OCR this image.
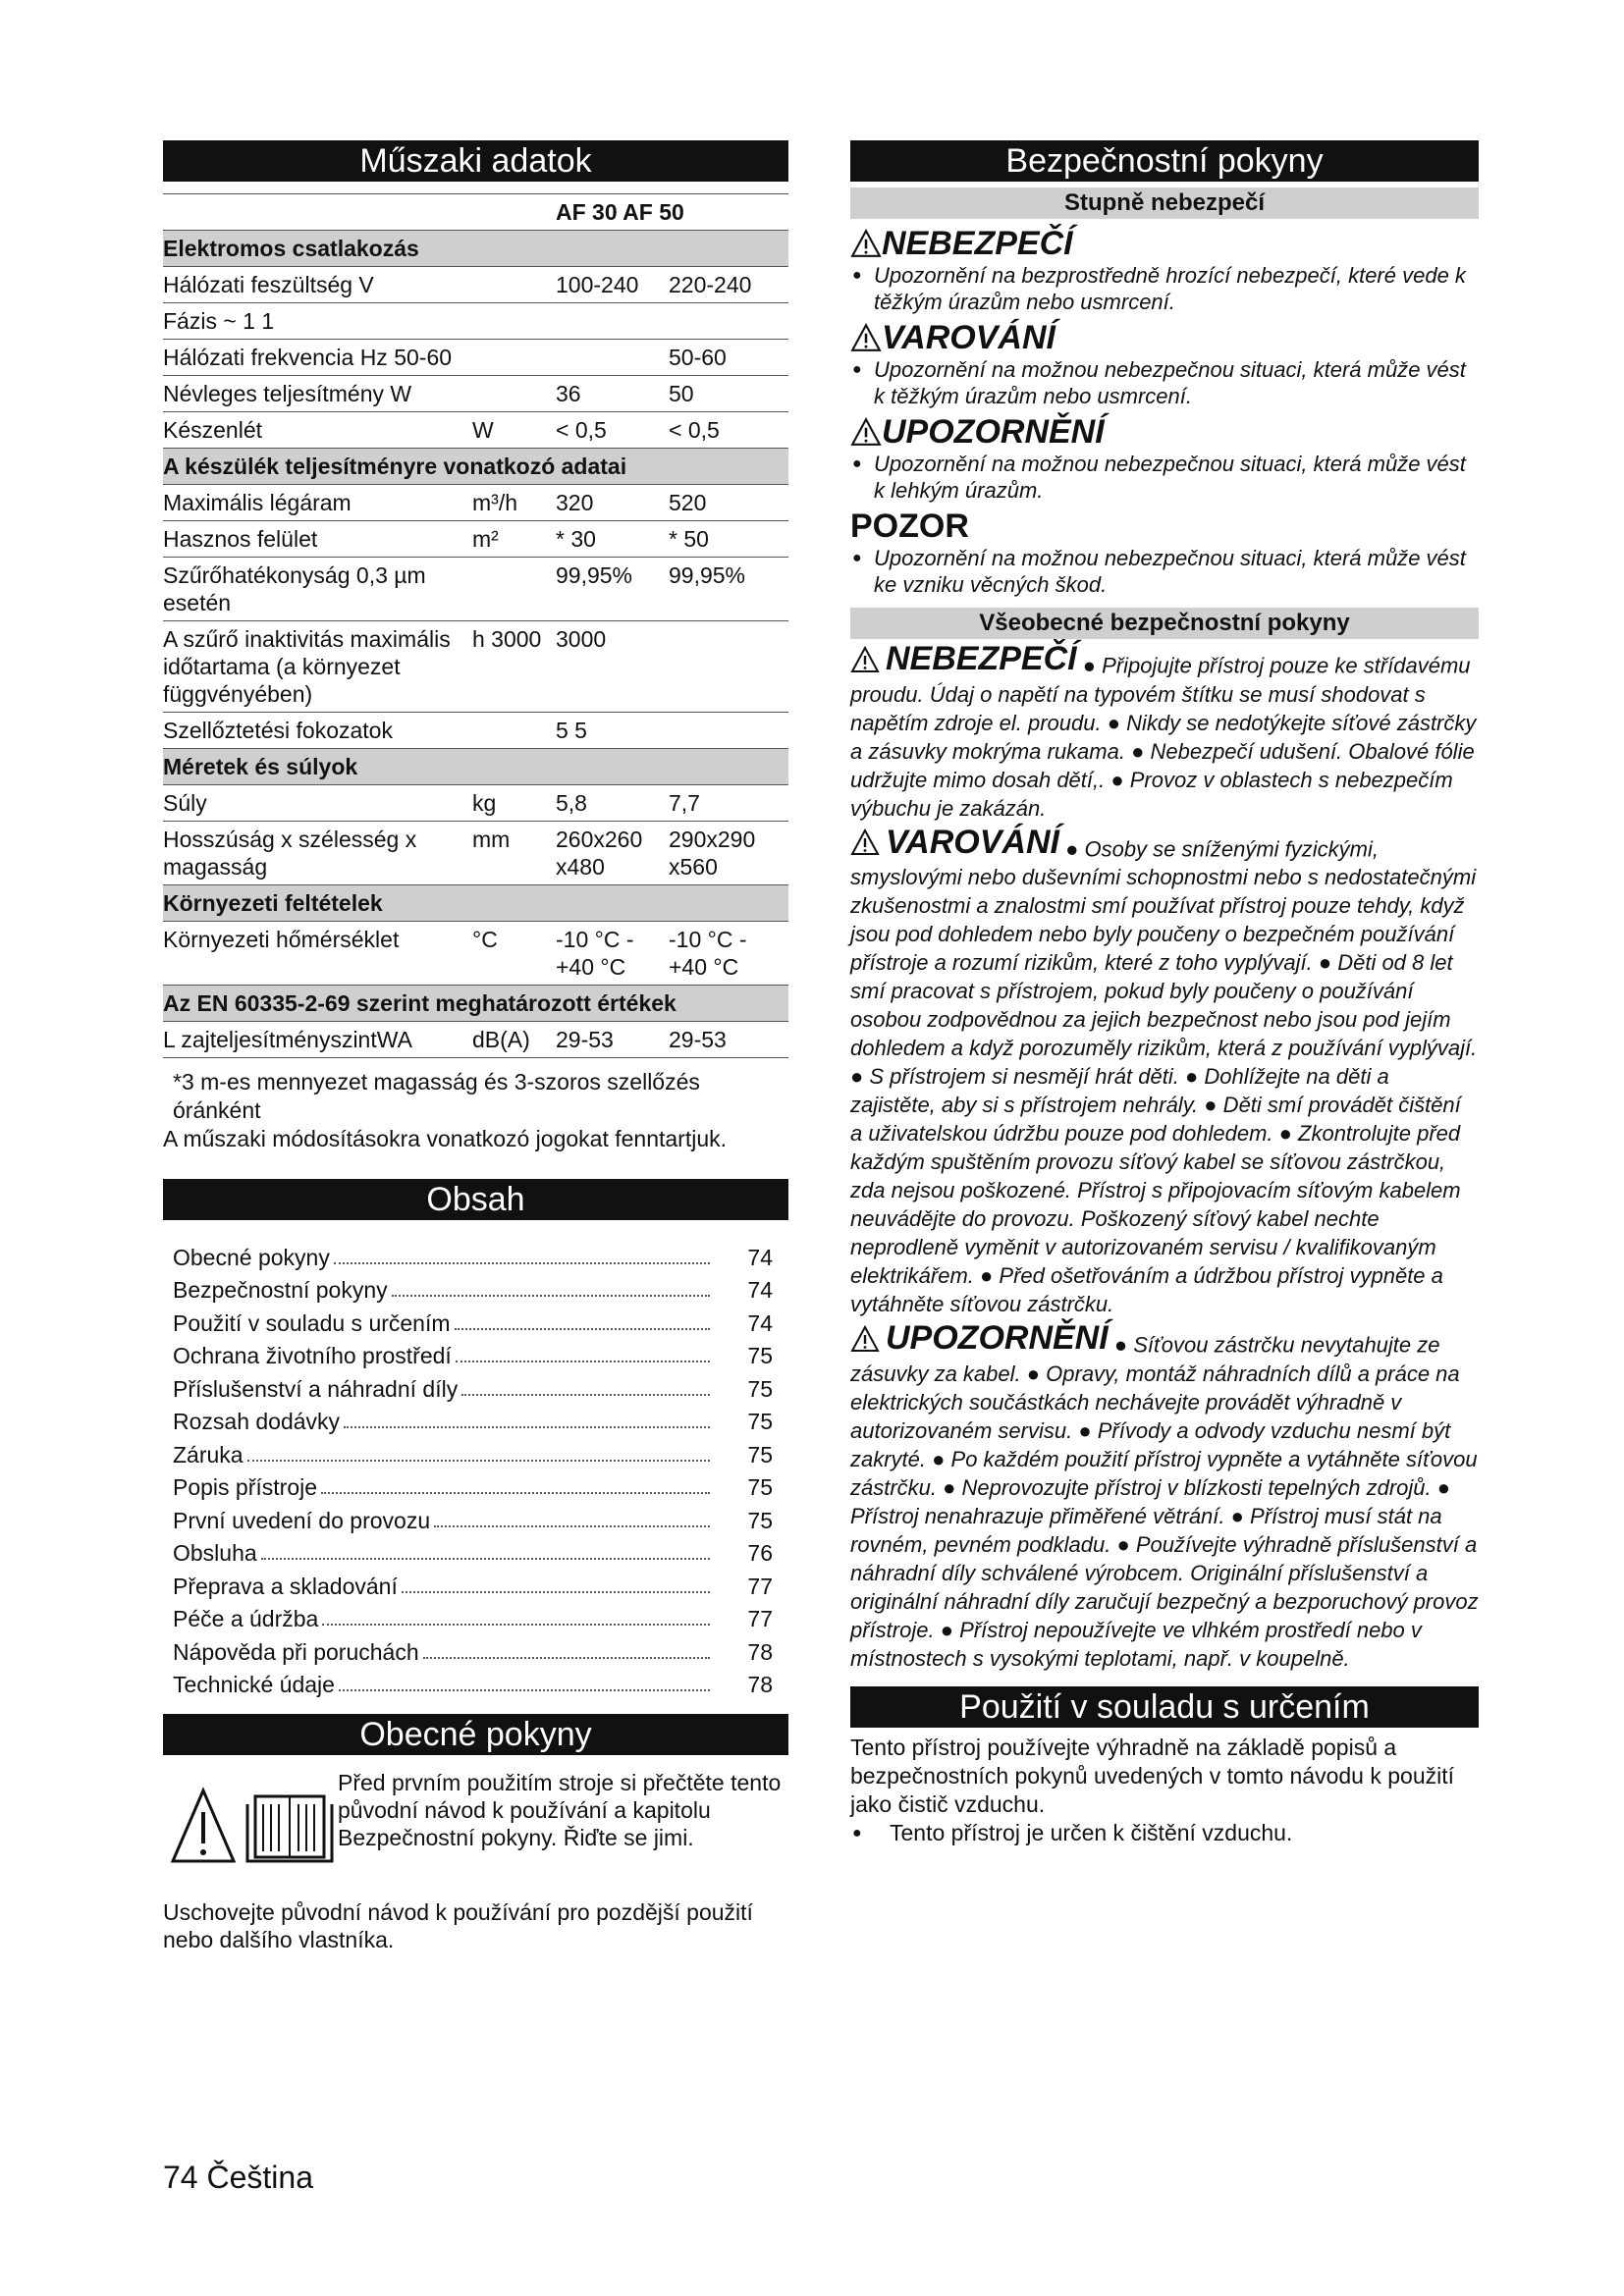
Műszaki adatok
AF 30 AF 50			
Elektromos csatlakozás			
Hálózati feszültség V		100-240	220-240
Fázis ~ 1 1			
Hálózati frekvencia Hz 50-60			50-60
Névleges teljesítmény W		36	50
Készenlét	W	< 0,5	< 0,5
A készülék teljesítményre vonatkozó adatai			
Maximális légáram	m³/h	320	520
Hasznos felület	m²	* 30	* 50
Szűrőhatékonyság 0,3 µm esetén		99,95%	99,95%
A szűrő inaktivitás maximális időtartama (a környezet függvényében)	h 3000	3000	
Szellőztetési fokozatok		5 5	
Méretek és súlyok			
Súly	kg	5,8	7,7
Hosszúság x szélesség x magasság	mm	260x260 x480	290x290 x560
Környezeti feltételek			
Környezeti hőmérséklet	°C	-10 °C - +40 °C	-10 °C - +40 °C
Az EN 60335-2-69 szerint meghatározott értékek			
L zajteljesítményszintWA	dB(A)	29-53	29-53
*3 m-es mennyezet magasság és 3-szoros szellőzés óránként
A műszaki módosításokra vonatkozó jogokat fenntartjuk.
Obsah
Obecné pokyny	74
Bezpečnostní pokyny	74
Použití v souladu s určením	74
Ochrana životního prostředí	75
Příslušenství a náhradní díly	75
Rozsah dodávky	75
Záruka	75
Popis přístroje	75
První uvedení do provozu	75
Obsluha	76
Přeprava a skladování	77
Péče a údržba	77
Nápověda při poruchách	78
Technické údaje	78
Obecné pokyny
Před prvním použitím stroje si přečtěte tento původní návod k používání a kapitolu Bezpečnostní pokyny. Řiďte se jimi.
Uschovejte původní návod k používání pro pozdější použití nebo dalšího vlastníka.
74 Čeština
Bezpečnostní pokyny
Stupně nebezpečí
NEBEZPEČÍ
● Upozornění na bezprostředně hrozící nebezpečí, které vede k těžkým úrazům nebo usmrcení.
VAROVÁNÍ
● Upozornění na možnou nebezpečnou situaci, která může vést k těžkým úrazům nebo usmrcení.
UPOZORNĚNÍ
● Upozornění na možnou nebezpečnou situaci, která může vést k lehkým úrazům.
POZOR
● Upozornění na možnou nebezpečnou situaci, která může vést ke vzniku věcných škod.
Všeobecné bezpečnostní pokyny
NEBEZPEČÍ ● Připojujte přístroj pouze ke střídavému proudu. Údaj o napětí na typovém štítku se musí shodovat s napětím zdroje el. proudu. ● Nikdy se nedotýkejte síťové zástrčky a zásuvky mokrýma rukama. ● Nebezpečí udušení. Obalové fólie udržujte mimo dosah dětí,. ● Provoz v oblastech s nebezpečím výbuchu je zakázán.
VAROVÁNÍ ● Osoby se sníženými fyzickými, smyslovými nebo duševními schopnostmi nebo s nedostatečnými zkušenostmi a znalostmi smí používat přístroj pouze tehdy, když jsou pod dohledem nebo byly poučeny o bezpečném používání přístroje a rozumí rizikům, které z toho vyplývají. ● Děti od 8 let smí pracovat s přístrojem, pokud byly poučeny o používání osobou zodpovědnou za jejich bezpečnost nebo jsou pod jejím dohledem a když porozuměly rizikům, která z používání vyplývají. ● S přístrojem si nesmějí hrát děti. ● Dohlížejte na děti a zajistěte, aby si s přístrojem nehrály. ● Děti smí provádět čištění a uživatelskou údržbu pouze pod dohledem. ● Zkontrolujte před každým spuštěním provozu síťový kabel se síťovou zástrčkou, zda nejsou poškozené. Přístroj s připojovacím síťovým kabelem neuvádějte do provozu. Poškozený síťový kabel nechte neprodleně vyměnit v autorizovaném servisu / kvalifikovaným elektrikářem. ● Před ošetřováním a údržbou přístroj vypněte a vytáhněte síťovou zástrčku.
UPOZORNĚNÍ ● Síťovou zástrčku nevytahujte ze zásuvky za kabel. ● Opravy, montáž náhradních dílů a práce na elektrických součástkách nechávejte provádět výhradně v autorizovaném servisu. ● Přívody a odvody vzduchu nesmí být zakryté. ● Po každém použití přístroj vypněte a vytáhněte síťovou zástrčku. ● Neprovozujte přístroj v blízkosti tepelných zdrojů. ● Přístroj nenahrazuje přiměřené větrání. ● Přístroj musí stát na rovném, pevném podkladu. ● Používejte výhradně příslušenství a náhradní díly schválené výrobcem. Originální příslušenství a originální náhradní díly zaručují bezpečný a bezporuchový provoz přístroje. ● Přístroj nepoužívejte ve vlhkém prostředí nebo v místnostech s vysokými teplotami, např. v koupelně.
Použití v souladu s určením
Tento přístroj používejte výhradně na základě popisů a bezpečnostních pokynů uvedených v tomto návodu k použití jako čistič vzduchu.
● Tento přístroj je určen k čištění vzduchu.
